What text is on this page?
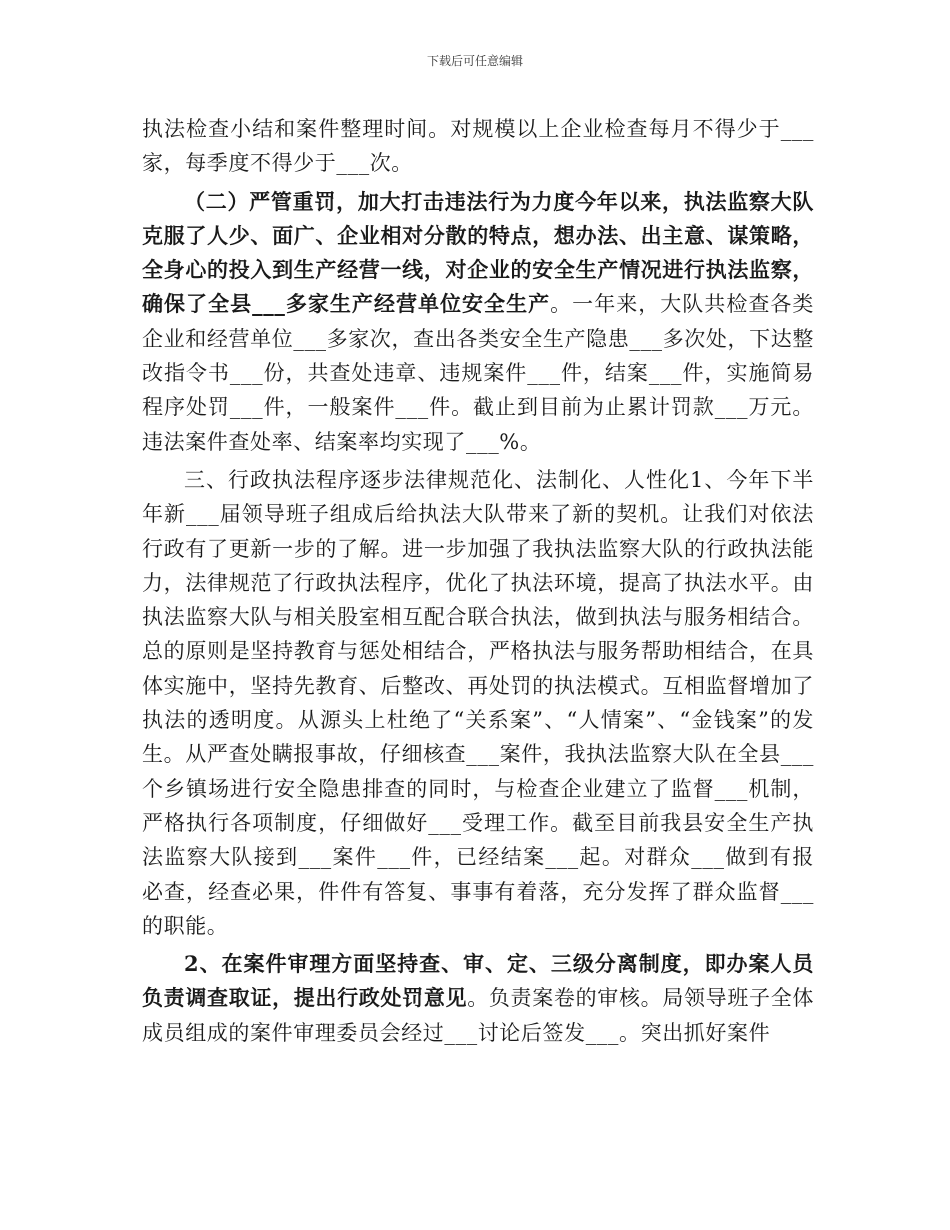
下载后可任意编辑

执法检查小结和案件整理时间。对规模以上企业检查每月不得少于___家，每季度不得少于___次。

（二）严管重罚，加大打击违法行为力度今年以来，执法监察大队克服了人少、面广、企业相对分散的特点，想办法、出主意、谋策略，全身心的投入到生产经营一线，对企业的安全生产情况进行执法监察，确保了全县___多家生产经营单位安全生产。一年来，大队共检查各类企业和经营单位___多家次，查出各类安全生产隐患___多次处，下达整改指令书___份，共查处违章、违规案件___件，结案___件，实施简易程序处罚___件，一般案件___件。截止到目前为止累计罚款___万元。违法案件查处率、结案率均实现了___%。

三、行政执法程序逐步法律规范化、法制化、人性化1、今年下半年新___届领导班子组成后给执法大队带来了新的契机。让我们对依法行政有了更新一步的了解。进一步加强了我执法监察大队的行政执法能力，法律规范了行政执法程序，优化了执法环境，提高了执法水平。由执法监察大队与相关股室相互配合联合执法，做到执法与服务相结合。总的原则是坚持教育与惩处相结合，严格执法与服务帮助相结合，在具体实施中，坚持先教育、后整改、再处罚的执法模式。互相监督增加了执法的透明度。从源头上杜绝了“关系案”、“人情案”、“金钱案”的发生。从严查处瞒报事故，仔细核查___案件，我执法监察大队在全县___个乡镇场进行安全隐患排查的同时，与检查企业建立了监督___机制，严格执行各项制度，仔细做好___受理工作。截至目前我县安全生产执法监察大队接到___案件___件，已经结案___起。对群众___做到有报必查，经查必果，件件有答复、事事有着落，充分发挥了群众监督___的职能。

2、在案件审理方面坚持查、审、定、三级分离制度，即办案人员负责调查取证，提出行政处罚意见。负责案卷的审核。局领导班子全体成员组成的案件审理委员会经过___讨论后签发___。突出抓好案件
